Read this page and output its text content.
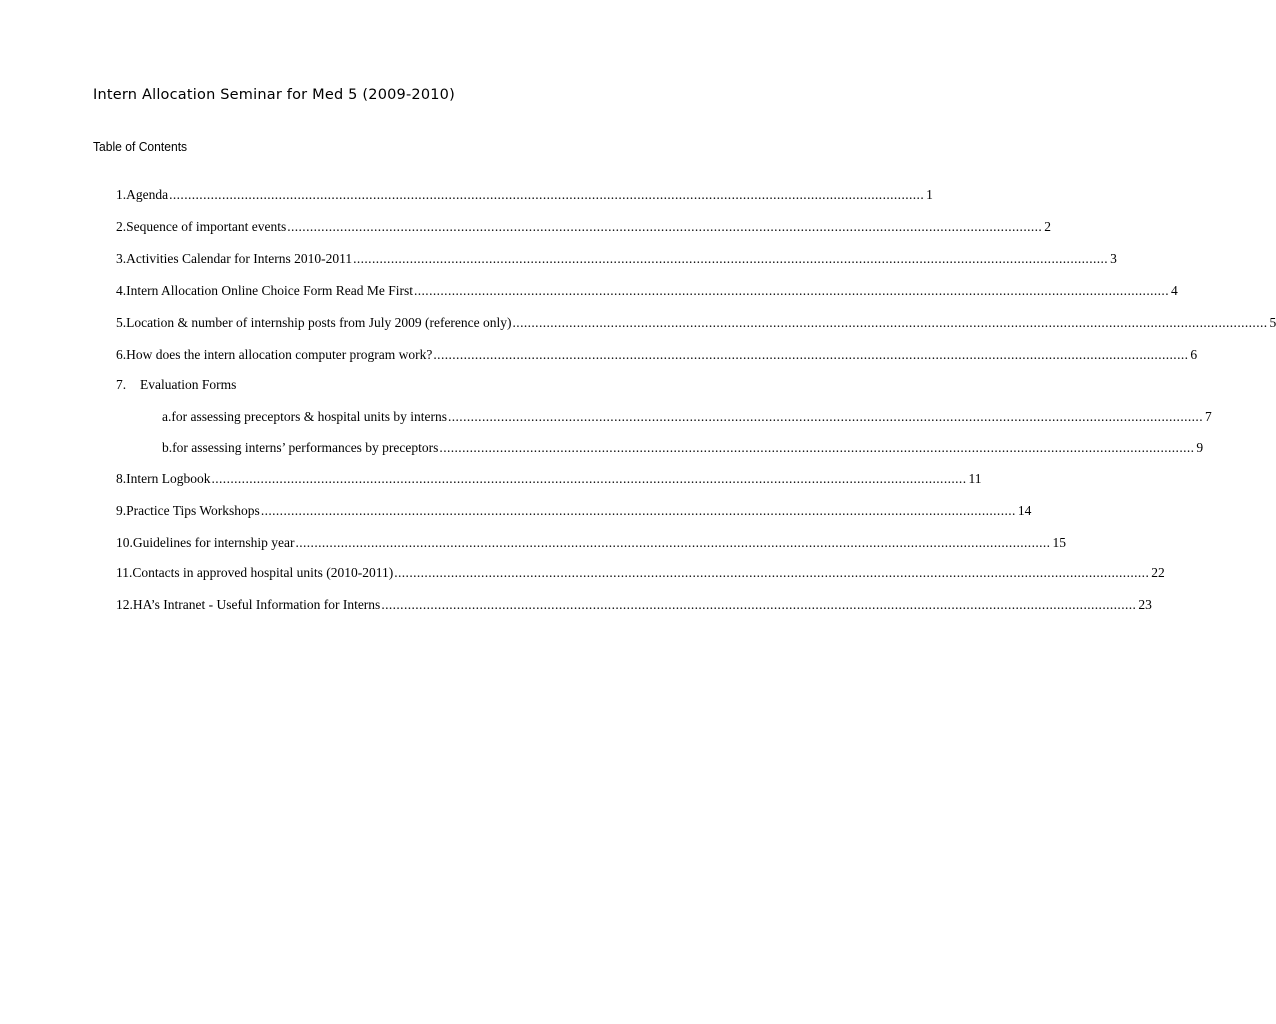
Intern Allocation Seminar for Med 5 (2009-2010)
Table of Contents
1. Agenda ........................................................................................................................................................................................................ 1
2. Sequence of important events ........................................................................................................................................................................................................ 2
3. Activities Calendar for Interns 2010-2011 ........................................................................................................................................................................................................ 3
4. Intern Allocation Online Choice Form Read Me First ........................................................................................................................................................................................................ 4
5. Location & number of internship posts from July 2009 (reference only) ........................................................................................................................................................................................................ 5
6. How does the intern allocation computer program work? ........................................................................................................................................................................................................ 6
7.	Evaluation Forms
a. for assessing preceptors & hospital units by interns ........................................................................................................................................................................................................ 7
b. for assessing interns’ performances by preceptors ........................................................................................................................................................................................................ 9
8. Intern Logbook ........................................................................................................................................................................................................ 11
9. Practice Tips Workshops ........................................................................................................................................................................................................ 14
10. Guidelines for internship year ........................................................................................................................................................................................................ 15
11. Contacts in approved hospital units (2010-2011) ........................................................................................................................................................................................................ 22
12. HA’s Intranet - Useful Information for Interns ........................................................................................................................................................................................................ 23
